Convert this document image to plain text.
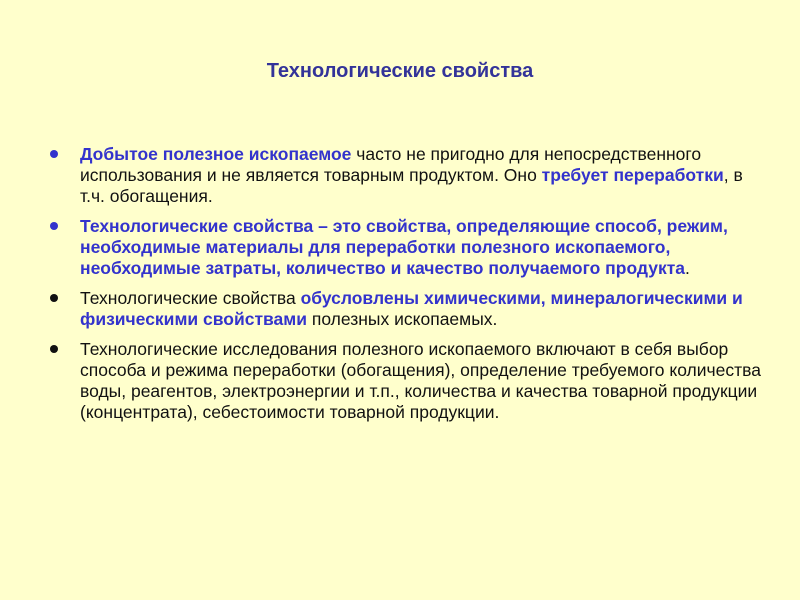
Технологические свойства
Добытое полезное ископаемое часто не пригодно для непосредственного использования и не является товарным продуктом. Оно требует переработки, в т.ч. обогащения.
Технологические свойства – это свойства, определяющие способ, режим, необходимые материалы для переработки полезного ископаемого, необходимые затраты, количество и качество получаемого продукта.
Технологические свойства обусловлены химическими, минералогическими и физическими свойствами полезных ископаемых.
Технологические исследования полезного ископаемого включают в себя выбор способа и режима переработки (обогащения), определение требуемого количества воды, реагентов, электроэнергии и т.п., количества и качества товарной продукции (концентрата), себестоимости товарной продукции.
